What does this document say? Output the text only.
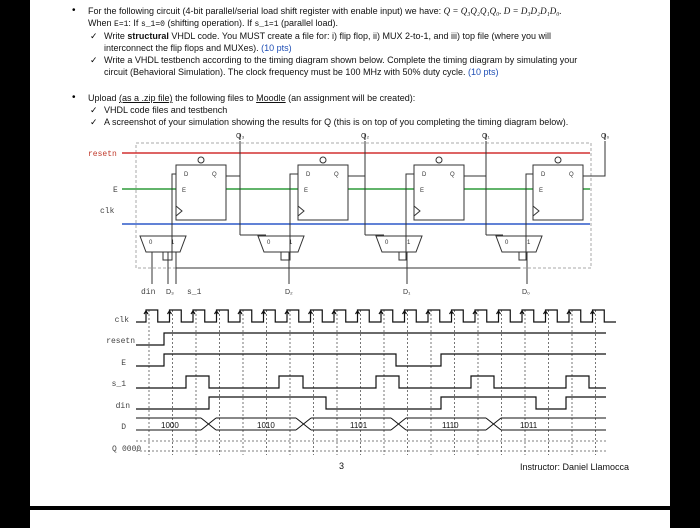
• For the following circuit (4-bit parallel/serial load shift register with enable input) we have: Q = Q₃Q₂Q₁Q₀. D = D₃D₂D₁D₀.
When E=1: If s_1=0 (shifting operation). If s_1=1 (parallel load).
✓ Write structural VHDL code. You MUST create a file for: i) flip flop, ii) MUX 2-to-1, and iii) top file (where you will
interconnect the flip flops and MUXes). (10 pts)
✓ Write a VHDL testbench according to the timing diagram shown below. Complete the timing diagram by simulating your
circuit (Behavioral Simulation). The clock frequency must be 100 MHz with 50% duty cycle. (10 pts)
• Upload (as a .zip file) the following files to Moodle (an assignment will be created):
✓ VHDL code files and testbench
✓ A screenshot of your simulation showing the results for Q (this is on top of you completing the timing diagram below).
Q₃	Q₂	Q₁	Q₀
resetn
E
clk
D	Q
E
D	Q
E
D	Q
E
D	Q
E
0	1	0	1	0	1	0	1
din D₃ s_1	D₂	D₁	D₀
clk
resetn
E
s_1
din
D
Q 0000
1000	1010	1101	1110	1011
3	Instructor: Daniel Llamocca
